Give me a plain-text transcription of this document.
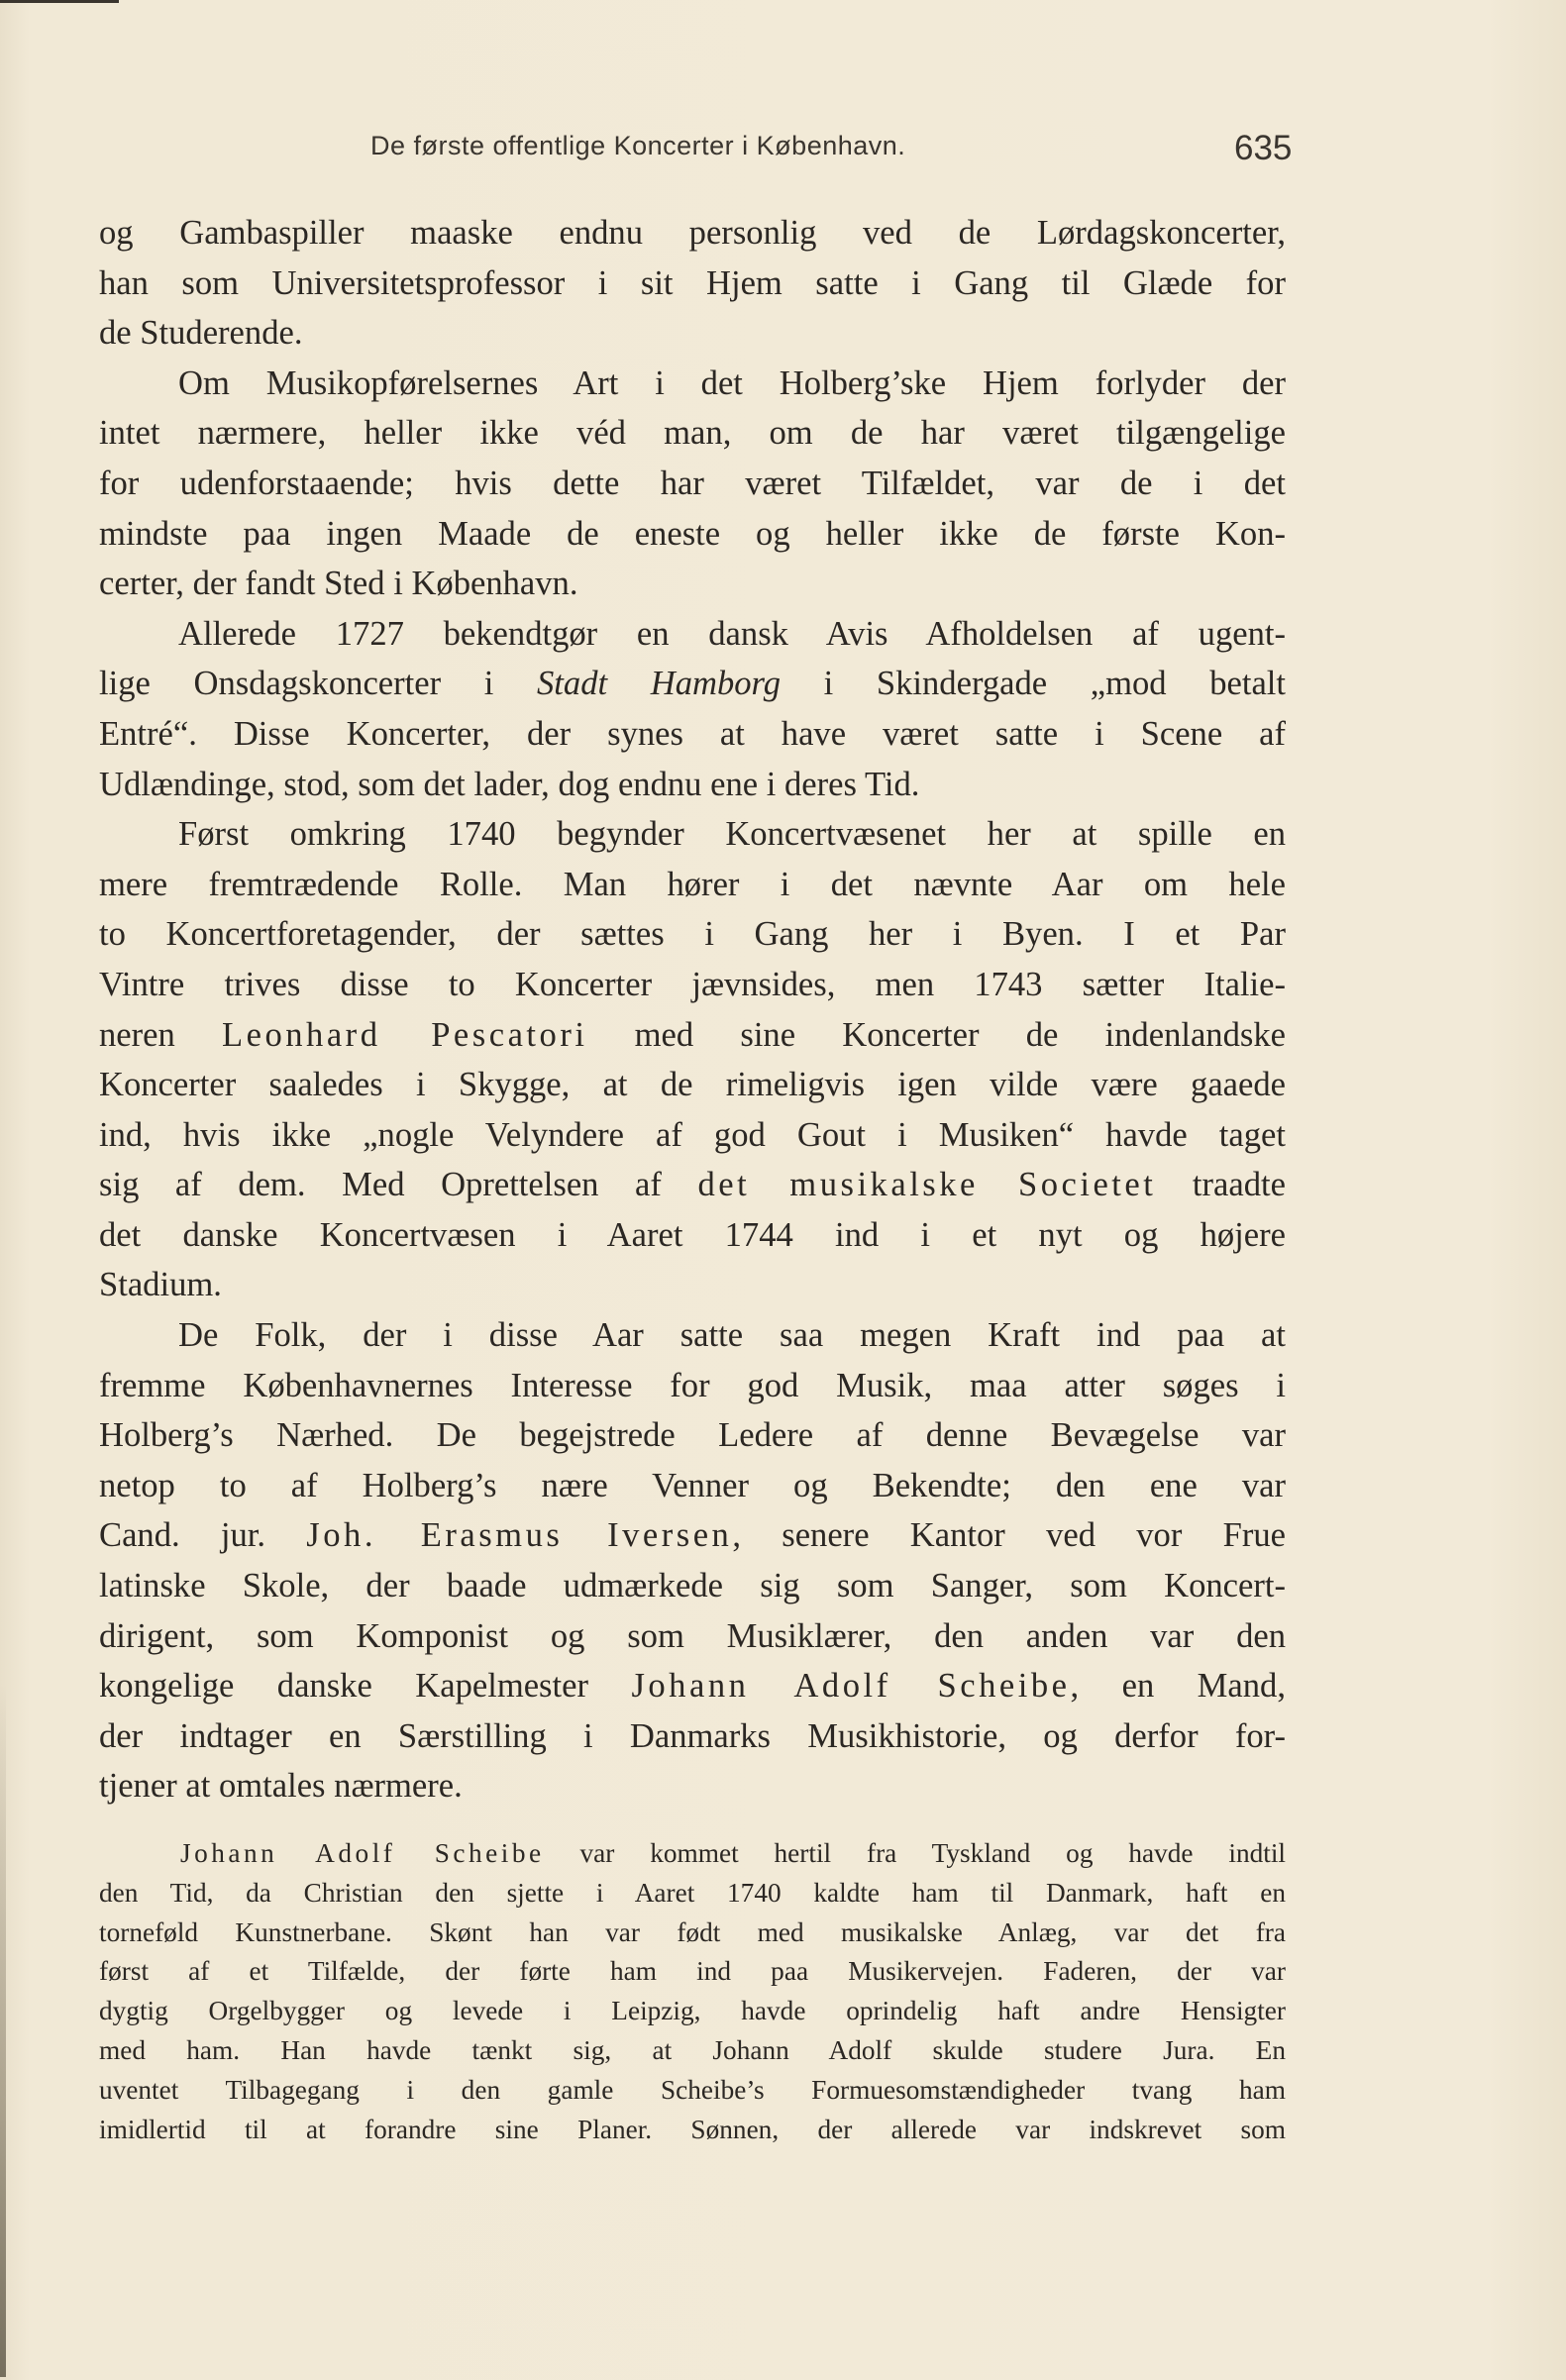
De første offentlige Koncerter i København.	635
og Gambaspiller maaske endnu personlig ved de Lørdagskoncerter,
han som Universitetsprofessor i sit Hjem satte i Gang til Glæde for
de Studerende.
Om Musikopførelsernes Art i det Holberg’ske Hjem forlyder der
intet nærmere, heller ikke véd man, om de har været tilgængelige
for udenforstaaende; hvis dette har været Tilfældet, var de i det
mindste paa ingen Maade de eneste og heller ikke de første Kon-
certer, der fandt Sted i København.
Allerede 1727 bekendtgør en dansk Avis Afholdelsen af ugent-
lige Onsdagskoncerter i Stadt Hamborg i Skindergade „mod betalt
Entré“. Disse Koncerter, der synes at have været satte i Scene af
Udlændinge, stod, som det lader, dog endnu ene i deres Tid.
Først omkring 1740 begynder Koncertvæsenet her at spille en
mere fremtrædende Rolle. Man hører i det nævnte Aar om hele
to Koncertforetagender, der sættes i Gang her i Byen. I et Par
Vintre trives disse to Koncerter jævnsides, men 1743 sætter Italie-
neren Leonhard Pescatori med sine Koncerter de indenlandske
Koncerter saaledes i Skygge, at de rimeligvis igen vilde være gaaede
ind, hvis ikke „nogle Velyndere af god Gout i Musiken“ havde taget
sig af dem. Med Oprettelsen af det musikalske Societet traadte
det danske Koncertvæsen i Aaret 1744 ind i et nyt og højere
Stadium.
De Folk, der i disse Aar satte saa megen Kraft ind paa at
fremme Københavnernes Interesse for god Musik, maa atter søges i
Holberg’s Nærhed. De begejstrede Ledere af denne Bevægelse var
netop to af Holberg’s nære Venner og Bekendte; den ene var
Cand. jur. Joh. Erasmus Iversen, senere Kantor ved vor Frue
latinske Skole, der baade udmærkede sig som Sanger, som Koncert-
dirigent, som Komponist og som Musiklærer, den anden var den
kongelige danske Kapelmester Johann Adolf Scheibe, en Mand,
der indtager en Særstilling i Danmarks Musikhistorie, og derfor for-
tjener at omtales nærmere.
Johann Adolf Scheibe var kommet hertil fra Tyskland og havde indtil
den Tid, da Christian den sjette i Aaret 1740 kaldte ham til Danmark, haft en
torneføld Kunstnerbane. Skønt han var født med musikalske Anlæg, var det fra
først af et Tilfælde, der førte ham ind paa Musikervejen. Faderen, der var
dygtig Orgelbygger og levede i Leipzig, havde oprindelig haft andre Hensigter
med ham. Han havde tænkt sig, at Johann Adolf skulde studere Jura. En
uventet Tilbagegang i den gamle Scheibe’s Formuesomstændigheder tvang ham
imidlertid til at forandre sine Planer. Sønnen, der allerede var indskrevet som
